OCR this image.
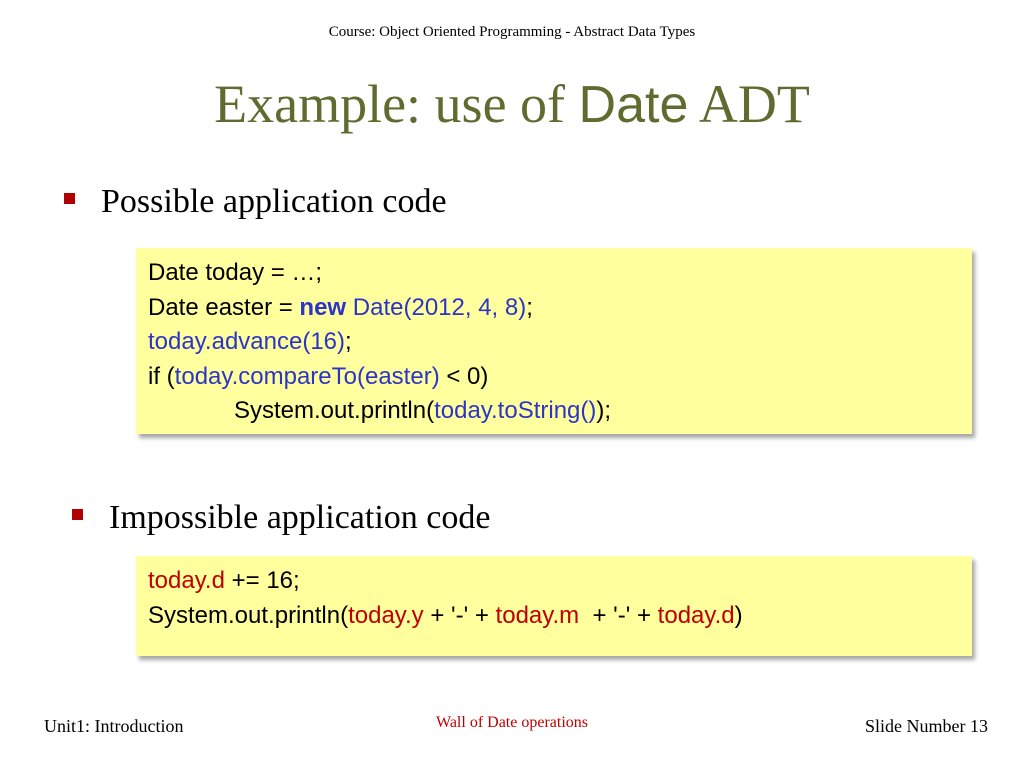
Course: Object Oriented Programming - Abstract Data Types
Example: use of Date ADT
Possible application code
Date today = …;
Date easter = new Date(2012, 4, 8);
today.advance(16);
if (today.compareTo(easter) < 0)
System.out.println(today.toString());
Impossible application code
today.d += 16;
System.out.println(today.y + '-' + today.m  + '-' + today.d)
Unit1: Introduction	Wall of Date operations	Slide Number 13
